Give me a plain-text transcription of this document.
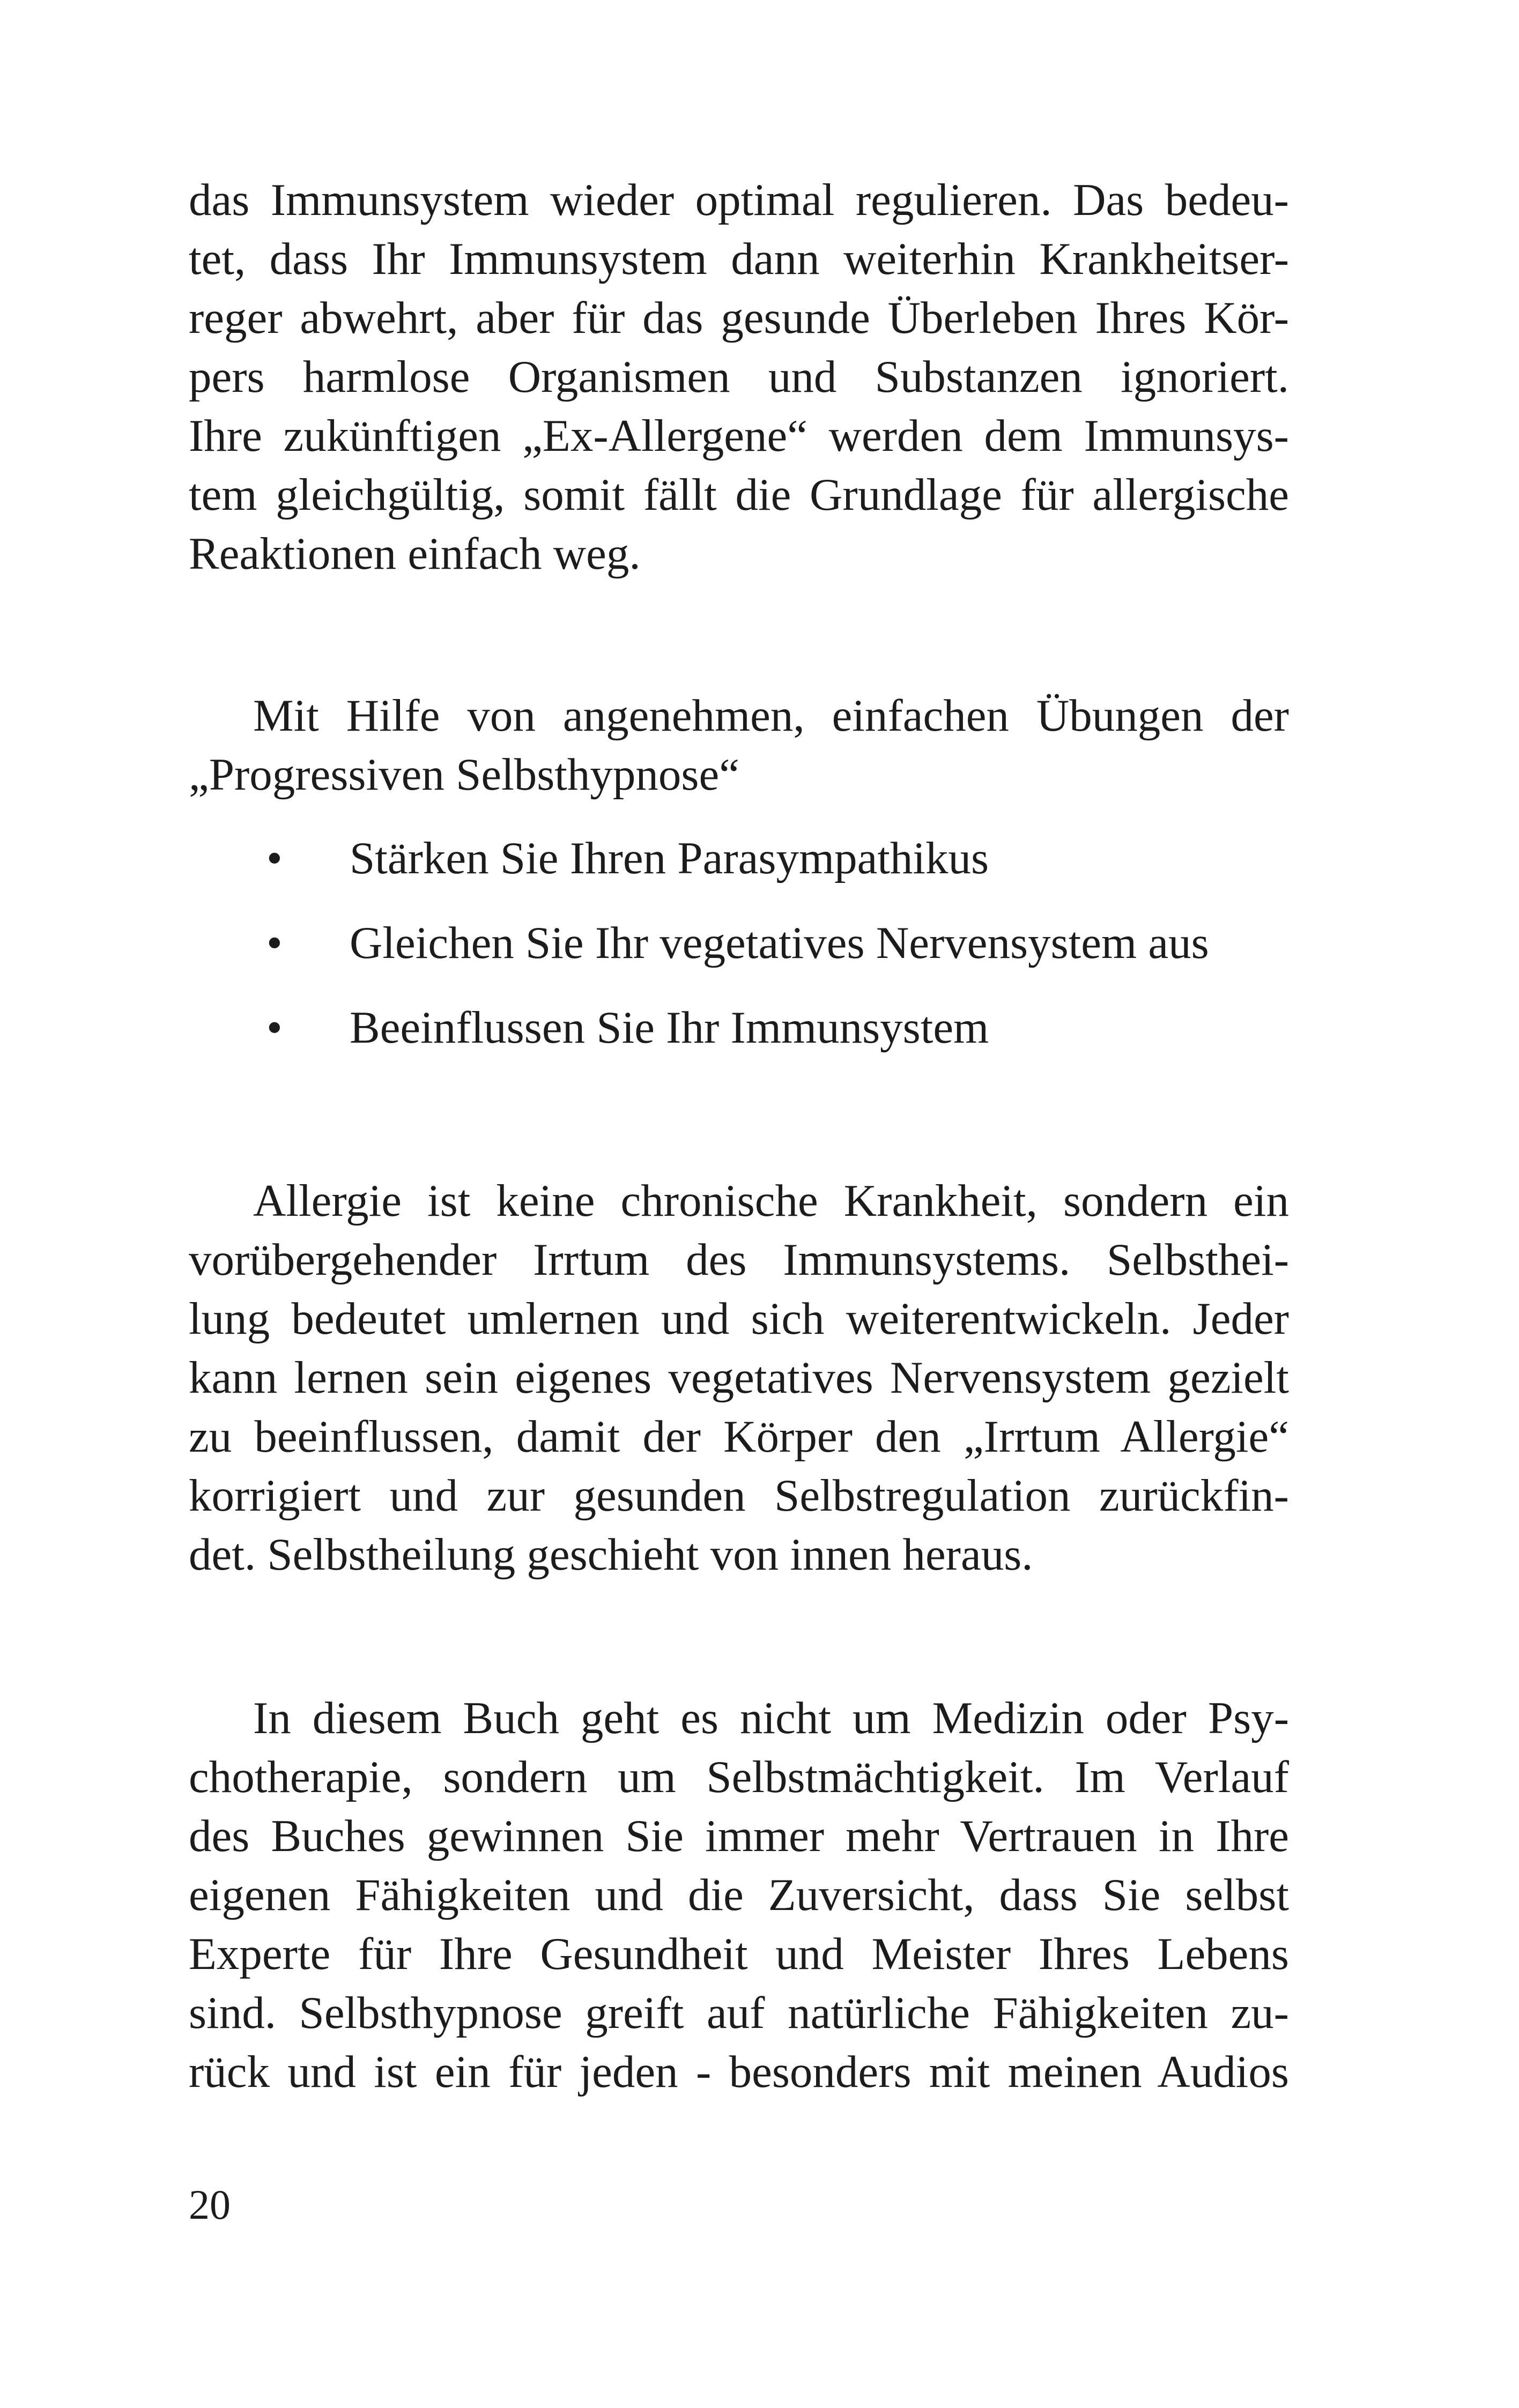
das Immunsystem wieder optimal regulieren. Das bedeu-
tet, dass Ihr Immunsystem dann weiterhin Krankheitser-
reger abwehrt, aber für das gesunde Überleben Ihres Kör-
pers harmlose Organismen und Substanzen ignoriert.
Ihre zukünftigen „Ex-Allergene“ werden dem Immunsys-
tem gleichgültig, somit fällt die Grundlage für allergische
Reaktionen einfach weg.
Mit Hilfe von angenehmen, einfachen Übungen der
„Progressiven Selbsthypnose“
• Stärken Sie Ihren Parasympathikus
• Gleichen Sie Ihr vegetatives Nervensystem aus
• Beeinflussen Sie Ihr Immunsystem
Allergie ist keine chronische Krankheit, sondern ein
vorübergehender Irrtum des Immunsystems. Selbsthei-
lung bedeutet umlernen und sich weiterentwickeln. Jeder
kann lernen sein eigenes vegetatives Nervensystem gezielt
zu beeinflussen, damit der Körper den „Irrtum Allergie“
korrigiert und zur gesunden Selbstregulation zurückfin-
det. Selbstheilung geschieht von innen heraus.
In diesem Buch geht es nicht um Medizin oder Psy-
chotherapie, sondern um Selbstmächtigkeit. Im Verlauf
des Buches gewinnen Sie immer mehr Vertrauen in Ihre
eigenen Fähigkeiten und die Zuversicht, dass Sie selbst
Experte für Ihre Gesundheit und Meister Ihres Lebens
sind. Selbsthypnose greift auf natürliche Fähigkeiten zu-
rück und ist ein für jeden - besonders mit meinen Audios
20
